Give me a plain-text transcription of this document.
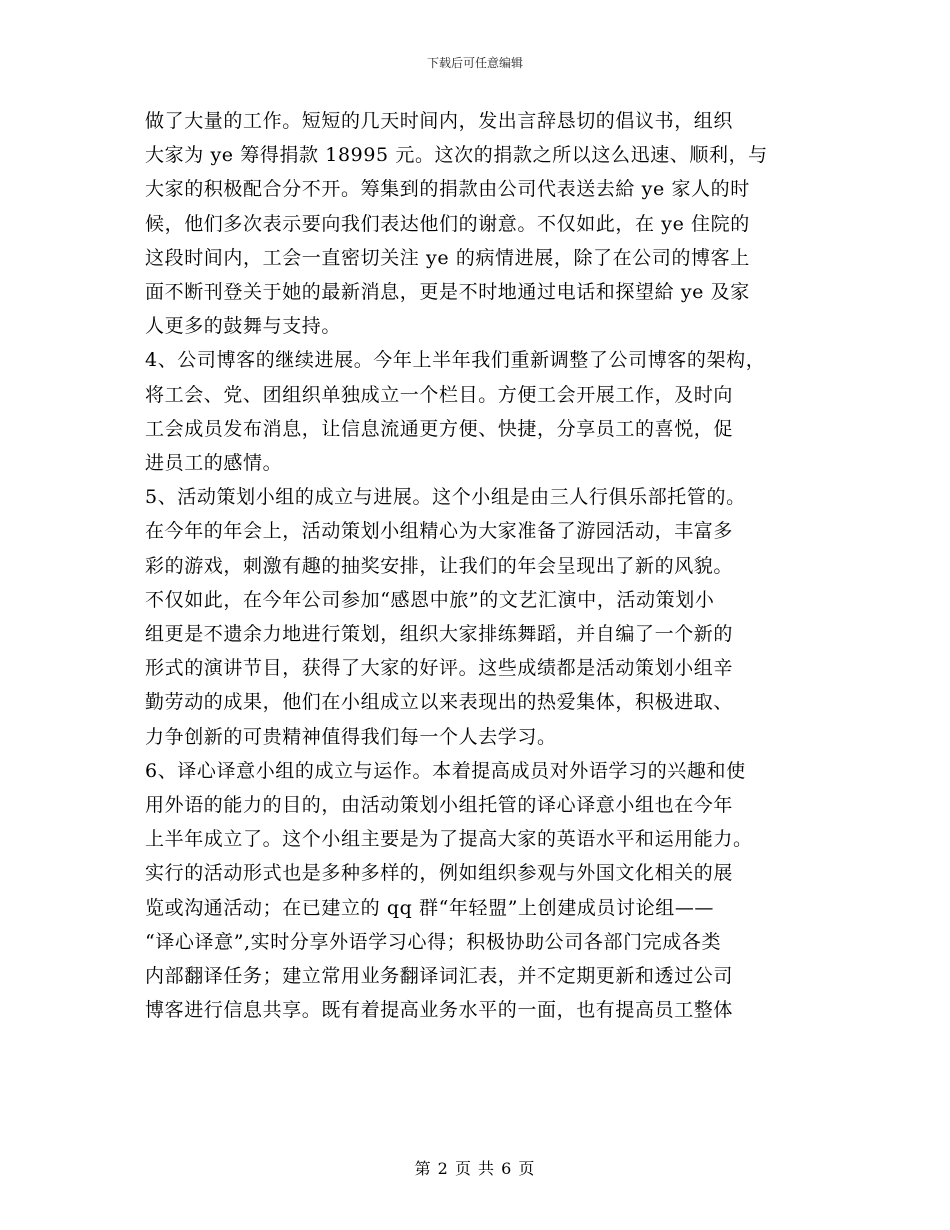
下载后可任意编辑
做了大量的工作。短短的几天时间内，发出言辞恳切的倡议书，组织
大家为 ye 筹得捐款 18995 元。这次的捐款之所以这么迅速、顺利，与
大家的积极配合分不开。筹集到的捐款由公司代表送去給 ye 家人的时
候，他们多次表示要向我们表达他们的谢意。不仅如此，在 ye 住院的
这段时间内，工会一直密切关注 ye 的病情进展，除了在公司的博客上
面不断刊登关于她的最新消息，更是不时地通过电话和探望給 ye 及家
人更多的鼓舞与支持。
4、公司博客的继续进展。今年上半年我们重新调整了公司博客的架构，
将工会、党、团组织单独成立一个栏目。方便工会开展工作，及时向
工会成员发布消息，让信息流通更方便、快捷，分享员工的喜悦，促
进员工的感情。
5、活动策划小组的成立与进展。这个小组是由三人行俱乐部托管的。
在今年的年会上，活动策划小组精心为大家准备了游园活动，丰富多
彩的游戏，刺激有趣的抽奖安排，让我们的年会呈现出了新的风貌。
不仅如此，在今年公司参加“感恩中旅”的文艺汇演中，活动策划小
组更是不遗余力地进行策划，组织大家排练舞蹈，并自编了一个新的
形式的演讲节目，获得了大家的好评。这些成绩都是活动策划小组辛
勤劳动的成果，他们在小组成立以来表现出的热爱集体，积极进取、
力争创新的可贵精神值得我们每一个人去学习。
6、译心译意小组的成立与运作。本着提高成员对外语学习的兴趣和使
用外语的能力的目的，由活动策划小组托管的译心译意小组也在今年
上半年成立了。这个小组主要是为了提高大家的英语水平和运用能力。
实行的活动形式也是多种多样的，例如组织参观与外国文化相关的展
览或沟通活动；在已建立的 qq 群“年轻盟”上创建成员讨论组——
“译心译意”,实时分享外语学习心得；积极协助公司各部门完成各类
内部翻译任务；建立常用业务翻译词汇表，并不定期更新和透过公司
博客进行信息共享。既有着提高业务水平的一面，也有提高员工整体
第 2 页 共 6 页
